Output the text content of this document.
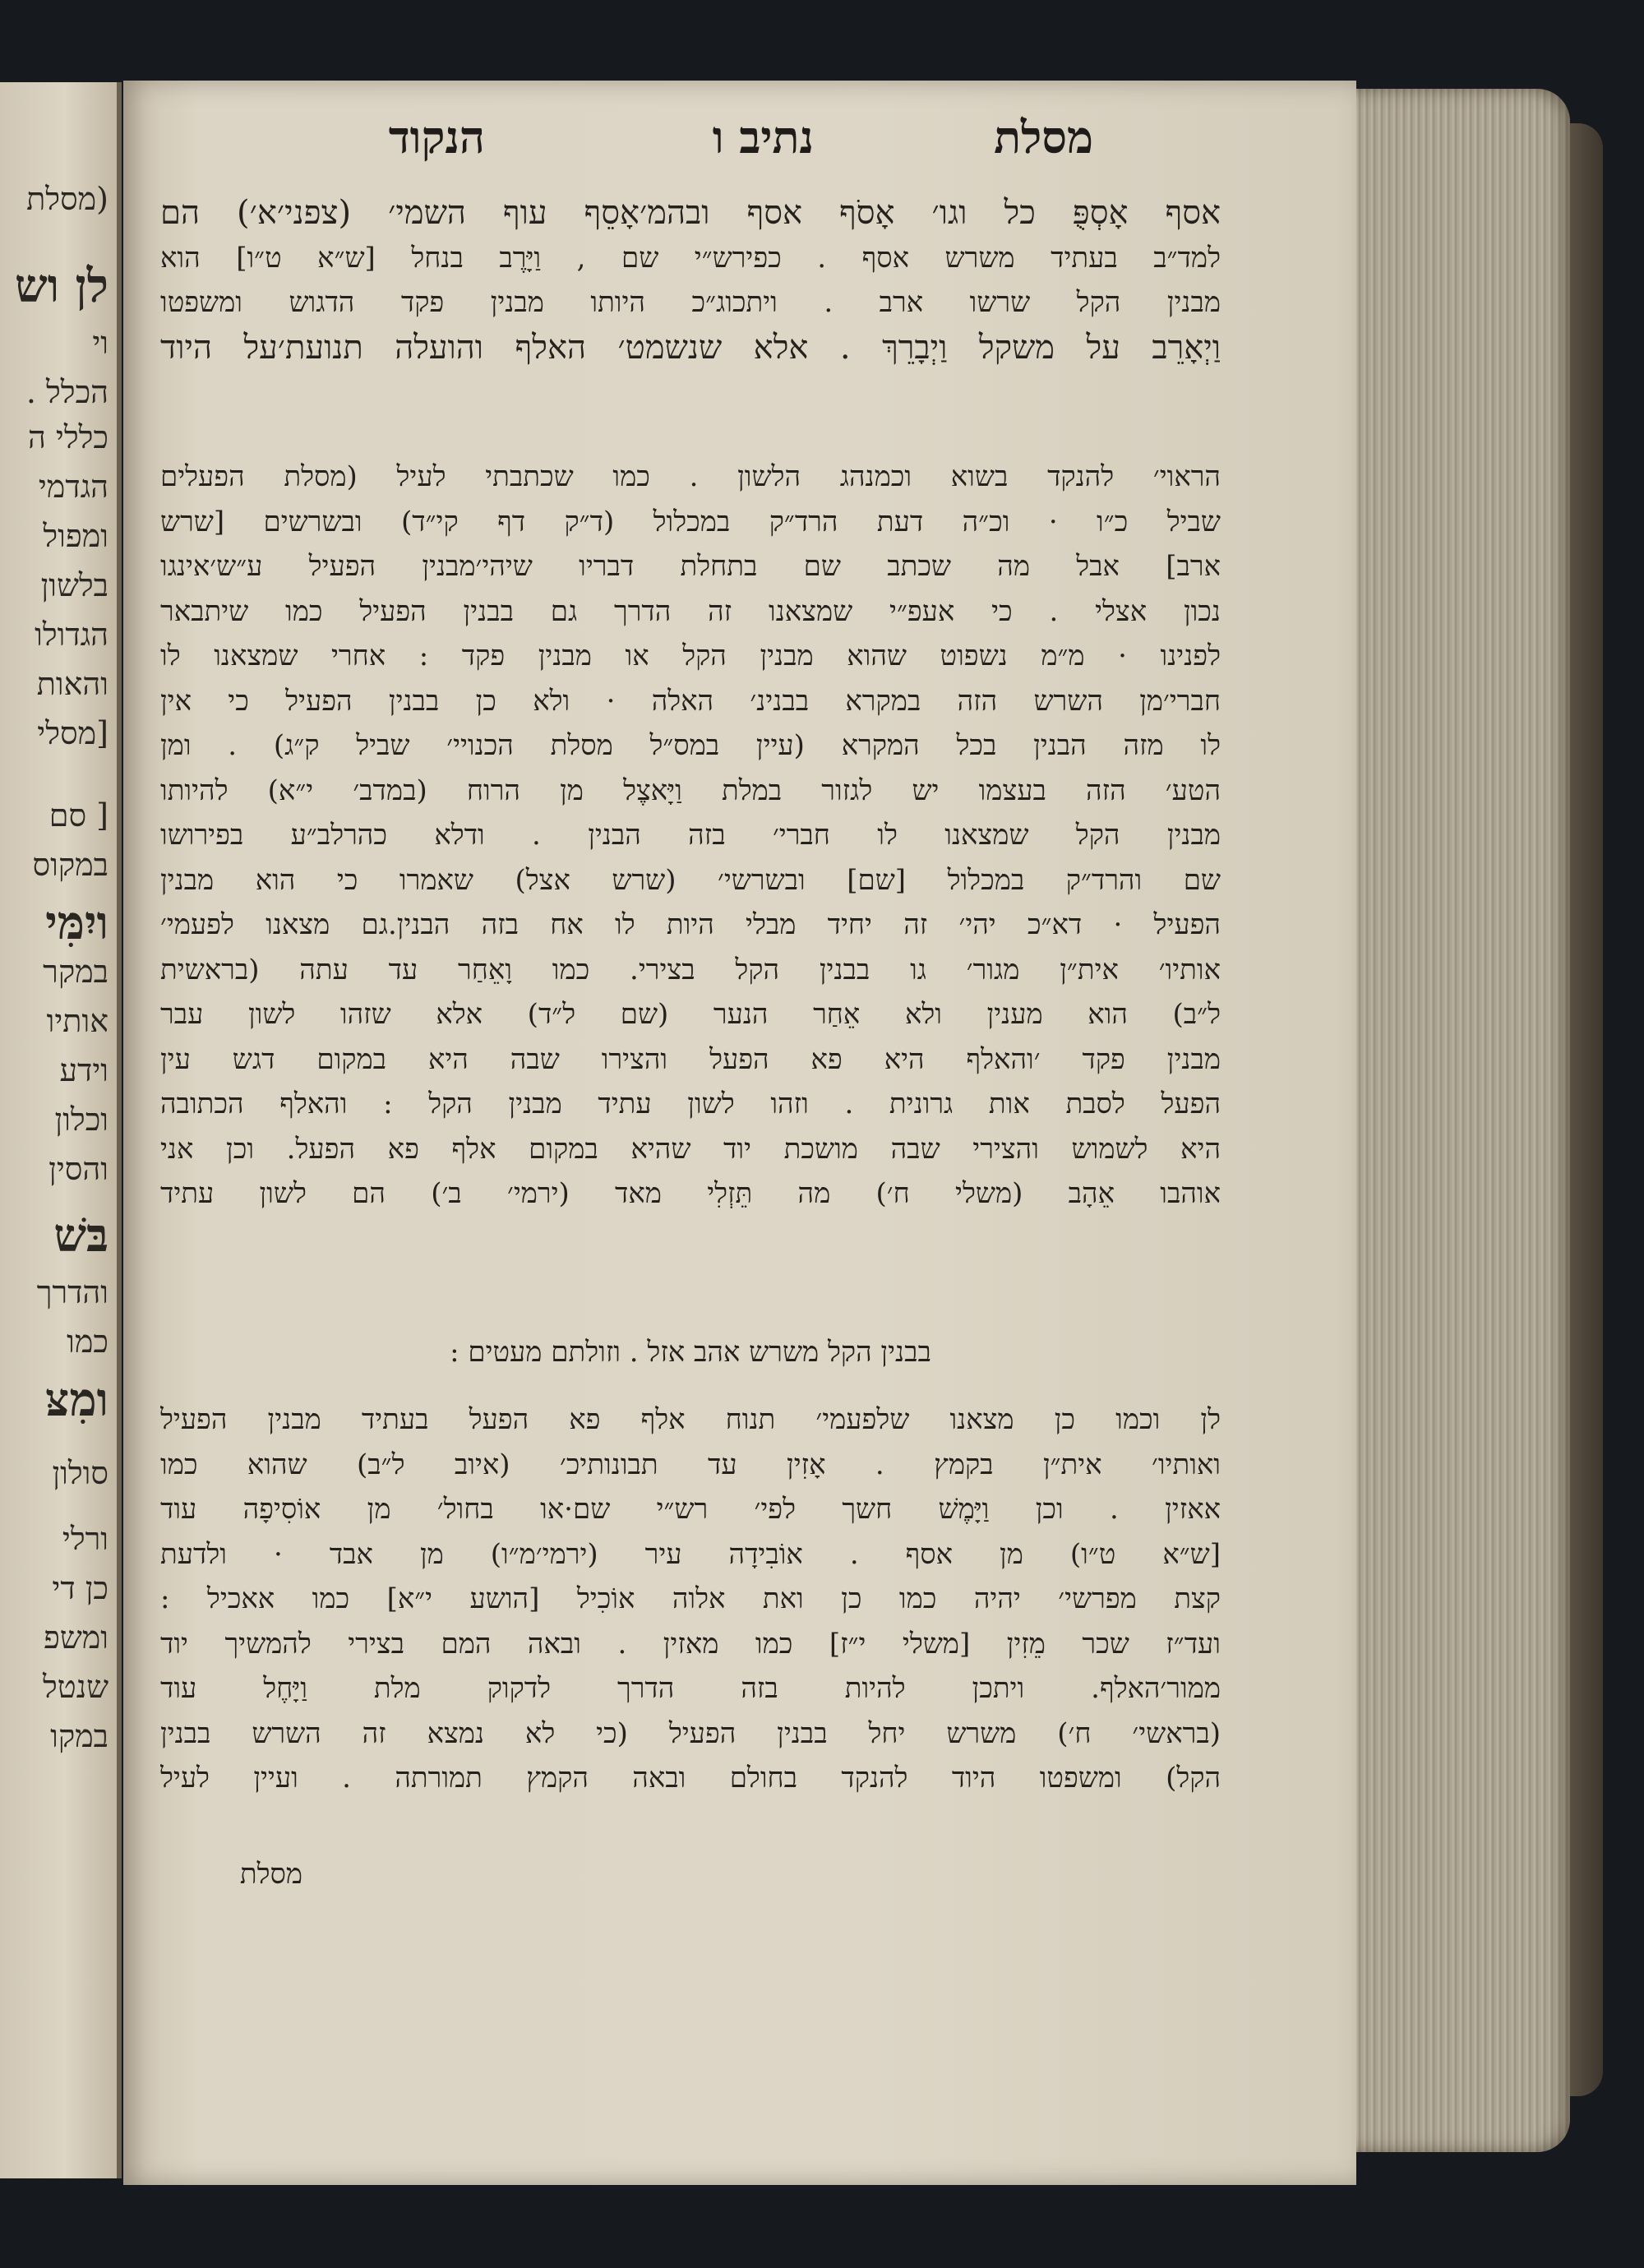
(מסלת
לן וש
וי
הכלל .
כללי ה
הגדמי
ומפול
בלשון
הגדולו
והאות
[מסלי
[ סם
במקוס
ויִמִּי
במקר
אותיו
וידע
וכלון
והסין
בּשׁ
והדרך
כמו
ומִצּ
סולון
ורלי
כן די
ומשפ
שנטל
במקו
מסלת
נתיב ו
הנקוד
אסף אָסְפֻּ כל וגו׳ אָסֹף אסף ובהמ׳אָסֵף עוף השמי׳ (צפני׳א׳) הם
למד״ב בעתיד משרש אסף . כפירש״י שם , וַיָּרֶב בנחל [ש״א ט״ו] הוא
מבנין הקל שרשו ארב . ויתכוג״כ היותו מבנין פקד הדגוש ומשפטו
וַיְאָרֵב על משקל וַיְבָרֵךְ . אלא שנשמט׳ האלף והועלה תנועת׳על היוד
הראוי׳ להנקד בשוא וכמנהג הלשון . כמו שכתבתי לעיל (מסלת הפעלים
שביל כ״ו · וכ״ה דעת הרד״ק במכלול (ד״ק דף קי״ד) ובשרשים [שרש
ארב] אבל מה שכתב שם בתחלת דבריו שיהי׳מבנין הפעיל ע״ש׳אינגו
נכון אצלי . כי אעפ״י שמצאנו זה הדרך גם בבנין הפעיל כמו שיתבאר
לפנינו · מ״מ נשפוט שהוא מבנין הקל או מבנין פקד : אחרי שמצאנו לו
חברי׳מן השרש הזה במקרא בבנינ׳ האלה · ולא כן בבנין הפעיל כי אין
לו מזה הבנין בכל המקרא (עיין במס״ל מסלת הכנויי׳ שביל ק״ג) . ומן
הטע׳ הזה בעצמו יש לגזור במלת וַיָּאצֶל מן הרוח (במדב׳ י״א) להיותו
מבנין הקל שמצאנו לו חברי׳ בזה הבנין . ודלא כהרלב״ע בפירושו
שם והרד״ק במכלול [שם] ובשרשי׳ (שרש אצל) שאמרו כי הוא מבנין
הפעיל · דא״כ יהי׳ זה יחיד מבלי היות לו אח בזה הבנין.גם מצאנו לפעמי׳
אותיו׳ אית״ן מגור׳ גו בבנין הקל בצירי. כמו וָאֵחַר עד עתה (בראשית
ל״ב) הוא מענין ולא אֵחַר הנער (שם ל״ד) אלא שזהו לשון עבר
מבנין פקד ׳והאלף היא פא הפעל והצירו שבה היא במקום דגש עין
הפעל לסבת אות גרונית . וזהו לשון עתיד מבנין הקל : והאלף הכתובה
היא לשמוש והצירי שבה מושכת יוד שהיא במקום אלף פא הפעל. וכן אני
אוהבו אֵהָב (משלי ח׳) מה תֵּזְלִי מאד (ירמי׳ ב׳) הם לשון עתיד
בבנין הקל משרש אהב אזל . וזולתם מעטים :
לן וכמו כן מצאנו שלפעמי׳ תנוח אלף פא הפעל בעתיד מבנין הפעיל
ואותיו׳ אית״ן בקמץ . אָזִין עד תבונותיכ׳ (איוב ל״ב) שהוא כמו
אאזין . וכן וַיָּמֶשׁ חשך לפי׳ רש״י שם·או בחול׳ מן אוֹסִיפָה עוד
[ש״א ט״ו) מן אסף . אוֹבִידָה עיר (ירמי׳מ״ו) מן אבד · ולדעת
קצת מפרשי׳ יהיה כמו כן ואת אלוה אוֹכִיל [הושע י״א] כמו אאכיל :
ועד״ז שכר מֵזִין [משלי י״ז] כמו מאזין . ובאה המם בצירי להמשיך יוד
ממור׳האלף. ויתכן להיות בזה הדרך לדקוק מלת וַיָּחֶל עוד
(בראשי׳ ח׳) משרש יחל בבנין הפעיל (כי לא נמצא זה השרש בבנין
הקל) ומשפטו היוד להנקד בחולם ובאה הקמץ תמורתה . ועיין לעיל
מסלת
